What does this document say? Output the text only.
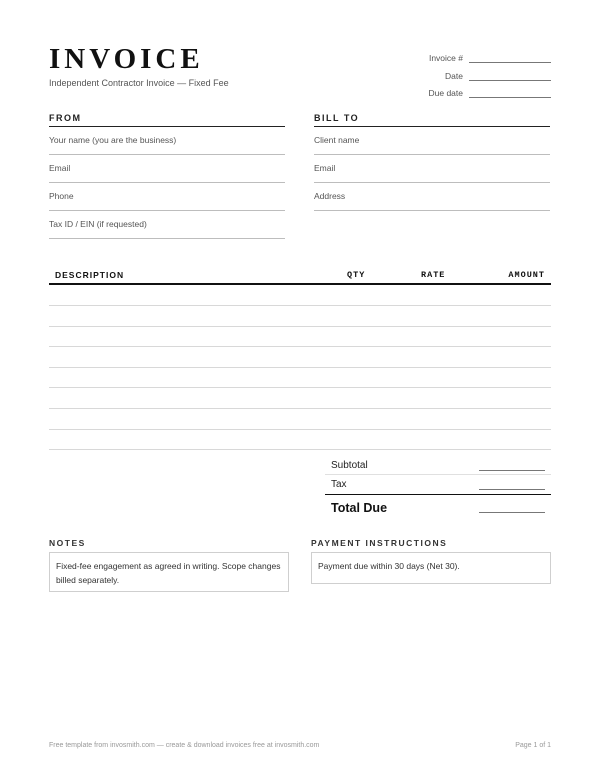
INVOICE
Independent Contractor Invoice — Fixed Fee
Invoice #
Date
Due date
FROM
Your name (you are the business)
Email
Phone
Tax ID / EIN (if requested)
BILL TO
Client name
Email
Address
DESCRIPTION	QTY	RATE	AMOUNT
Subtotal
Tax
Total Due
NOTES
Fixed-fee engagement as agreed in writing. Scope changes billed separately.
PAYMENT INSTRUCTIONS
Payment due within 30 days (Net 30).
Free template from invosmith.com — create & download invoices free at invosmith.com	Page 1 of 1
